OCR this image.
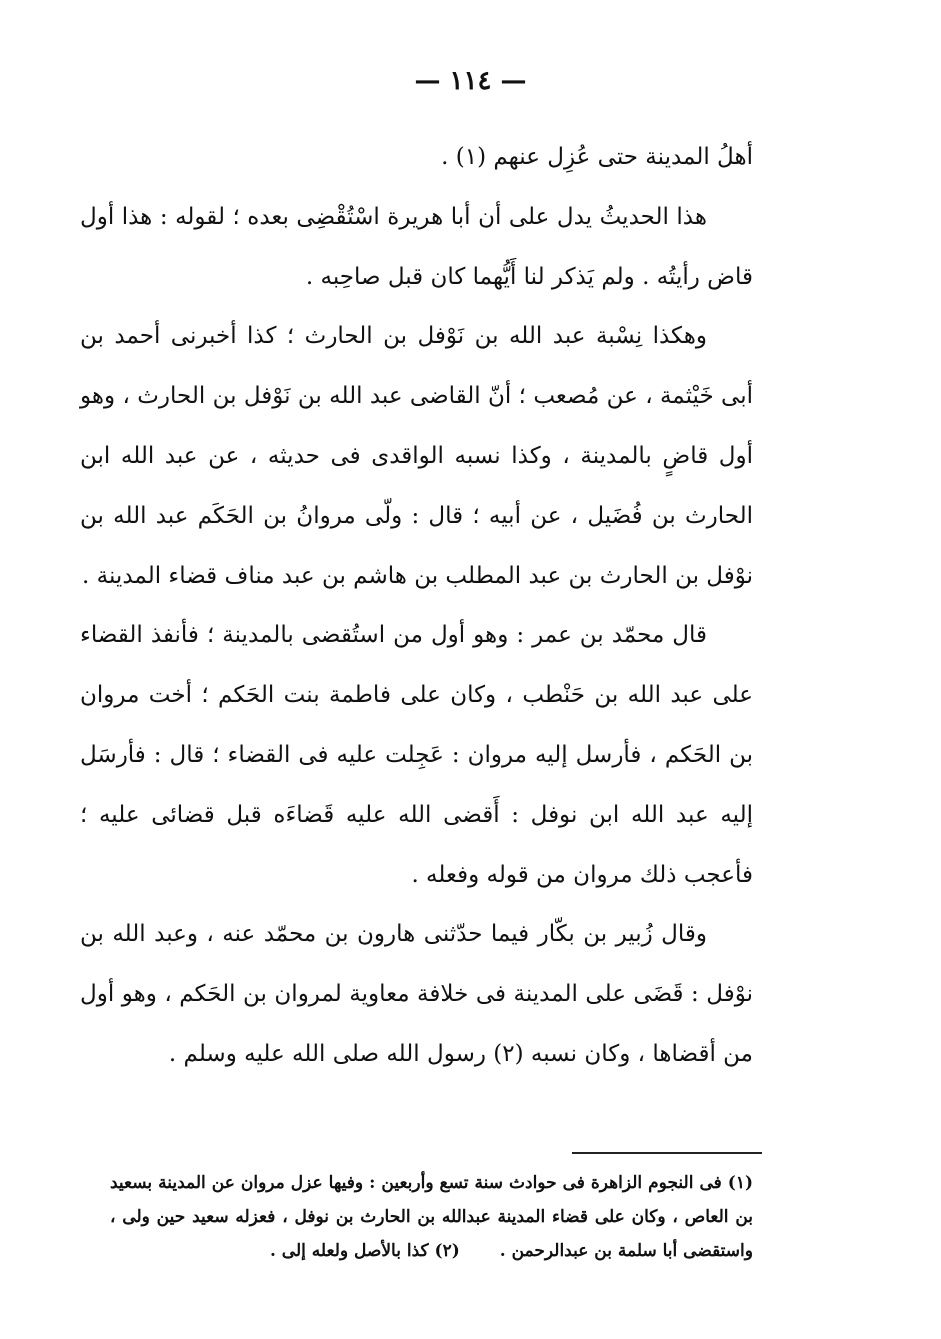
— ١١٤ —

أهلُ المدينة حتى عُزِل عنهم (١) .

هذا الحديثُ يدل على أن أبا هريرة اسْتُقْضِى بعده ؛ لقوله : هذا أول قاض رأيتُه . ولم يَذكر لنا أَيُّهما كان قبل صاحِبه .

وهكذا نِسْبة عبد الله بن نَوْفل بن الحارث ؛ كذا أخبرنى أحمد بن أبى خَيْثمة ، عن مُصعب ؛ أنّ القاضى عبد الله بن نَوْفل بن الحارث ، وهو أول قاضٍ بالمدينة ، وكذا نسبه الواقدى فى حديثه ، عن عبد الله ابن الحارث بن فُضَيل ، عن أبيه ؛ قال : ولّى مروانُ بن الحَكَم عبد الله بن نوْفل بن الحارث بن عبد المطلب بن هاشم بن عبد مناف قضاء المدينة .

قال محمّد بن عمر : وهو أول من استُقضى بالمدينة ؛ فأنفذ القضاء على عبد الله بن حَنْطب ، وكان على فاطمة بنت الحَكم ؛ أخت مروان بن الحَكم ، فأرسل إليه مروان : عَجِلت عليه فى القضاء ؛ قال : فأرسَل إليه عبد الله ابن نوفل : أَقضى الله عليه قَضاءَه قبل قضائى عليه ؛ فأعجب ذلك مروان من قوله وفعله .

وقال زُبير بن بكّار فيما حدّثنى هارون بن محمّد عنه ، وعبد الله بن نوْفل : قَضَى على المدينة فى خلافة معاوية لمروان بن الحَكم ، وهو أول من أقضاها ، وكان نسبه (٢) رسول الله صلى الله عليه وسلم .

(١) فى النجوم الزاهرة فى حوادث سنة تسع وأربعين : وفيها عزل مروان عن المدينة بسعيد بن العاص ، وكان على قضاء المدينة عبدالله بن الحارث بن نوفل ، فعزله سعيد حين ولى ، واستقضى أبا سلمة بن عبدالرحمن .(٢) كذا بالأصل ولعله إلى .
